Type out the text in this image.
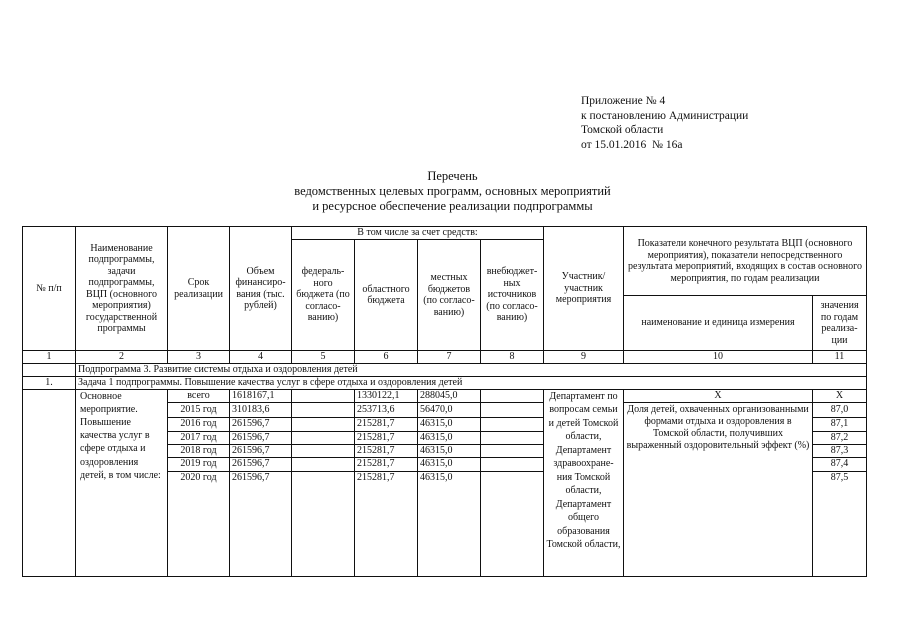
Приложение № 4
к постановлению Администрации
Томской области
от 15.01.2016  № 16а
Перечень
ведомственных целевых программ, основных мероприятий
и ресурсное обеспечение реализации подпрограммы
№ п/п	Наименование подпрограммы, задачи подпрограммы, ВЦП (основного мероприятия) государственной программы	Срок реализации	Объем финансиро-вания (тыс. рублей)	В том числе за счет средств:				Участник/ участник мероприятия	Показатели конечного результата ВЦП (основного мероприятия), показатели непосредственного результата мероприятий, входящих в состав основного мероприятия, по годам реализации	
				федераль-ного бюджета (по согласо-ванию)	областного бюджета	местных бюджетов (по согласо-ванию)	внебюджет-ных источников (по согласо-ванию)			
									наименование и единица измерения	значения по годам реализа-ции
1	2	3	4	5	6	7	8	9	10	11
	Подпрограмма 3. Развитие системы отдыха и оздоровления детей									
1.	Задача 1 подпрограммы. Повышение качества услуг в сфере отдыха и оздоровления детей									
	Основное мероприятие. Повышение качества услуг в сфере отдыха и оздоровления детей, в том числе:	всего	1618167,1		1330122,1	288045,0		Департамент по вопросам семьи и детей Томской области, Департамент здравоохране-ния Томской области, Департамент общего образования Томской области,	X	X
		2015 год	310183,6		253713,6	56470,0			Доля детей, охваченных организованными формами отдыха и оздоровления в Томской области, получивших выраженный оздоровительный эффект (%)	87,0
		2016 год	261596,7		215281,7	46315,0				87,1
		2017 год	261596,7		215281,7	46315,0				87,2
		2018 год	261596,7		215281,7	46315,0				87,3
		2019 год	261596,7		215281,7	46315,0				87,4
		2020 год	261596,7		215281,7	46315,0				87,5
